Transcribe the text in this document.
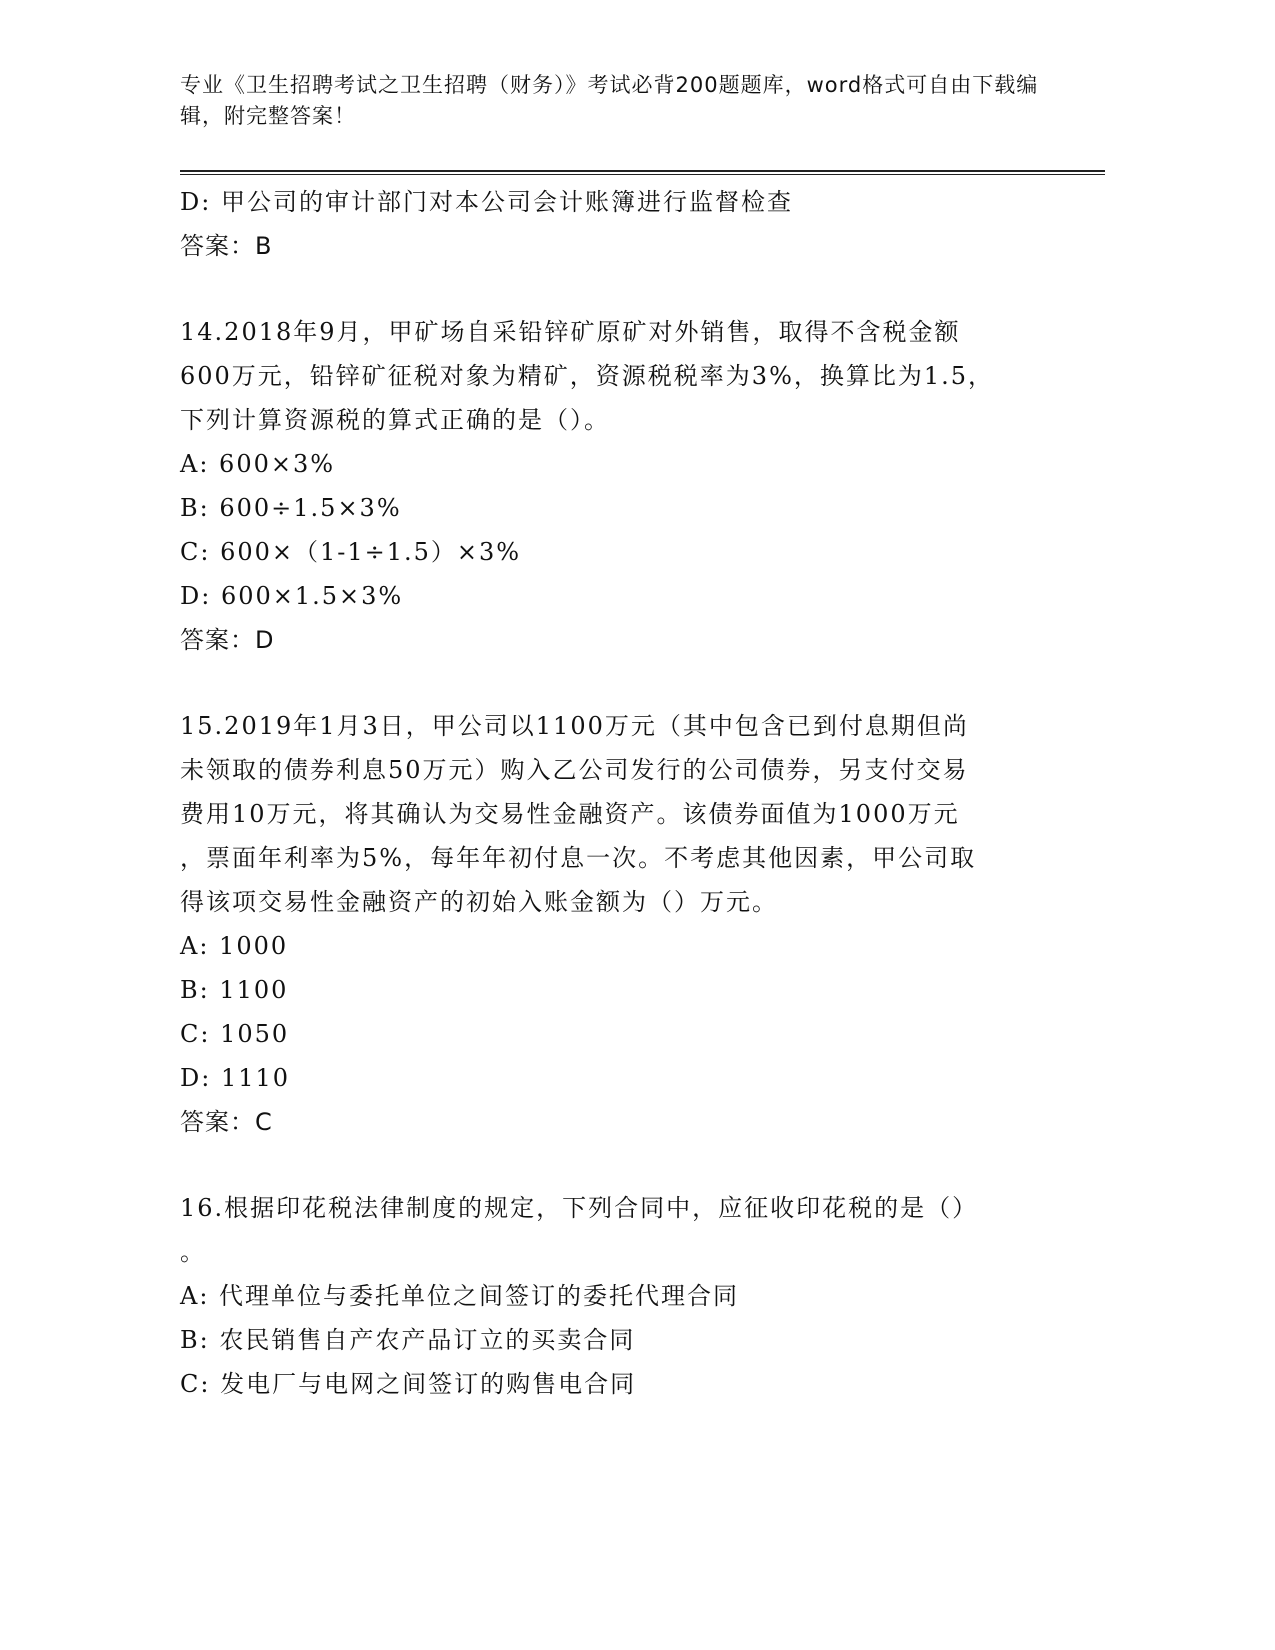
专业《卫生招聘考试之卫生招聘（财务）》考试必背200题题库，word格式可自由下载编辑，附完整答案！

D: 甲公司的审计部门对本公司会计账簿进行监督检查

答案：B

14.2018年9月，甲矿场自采铅锌矿原矿对外销售，取得不含税金额

600万元，铅锌矿征税对象为精矿，资源税税率为3%，换算比为1.5，

下列计算资源税的算式正确的是（）。

A: 600×3%

B: 600÷1.5×3%

C: 600×（1-1÷1.5）×3%

D: 600×1.5×3%

答案：D

15.2019年1月3日，甲公司以1100万元（其中包含已到付息期但尚

未领取的债券利息50万元）购入乙公司发行的公司债券，另支付交易

费用10万元，将其确认为交易性金融资产。该债券面值为1000万元

，票面年利率为5%，每年年初付息一次。不考虑其他因素，甲公司取

得该项交易性金融资产的初始入账金额为（）万元。

A: 1000

B: 1100

C: 1050

D: 1110

答案：C

16.根据印花税法律制度的规定，下列合同中，应征收印花税的是（）

。

A: 代理单位与委托单位之间签订的委托代理合同

B: 农民销售自产农产品订立的买卖合同

C: 发电厂与电网之间签订的购售电合同
